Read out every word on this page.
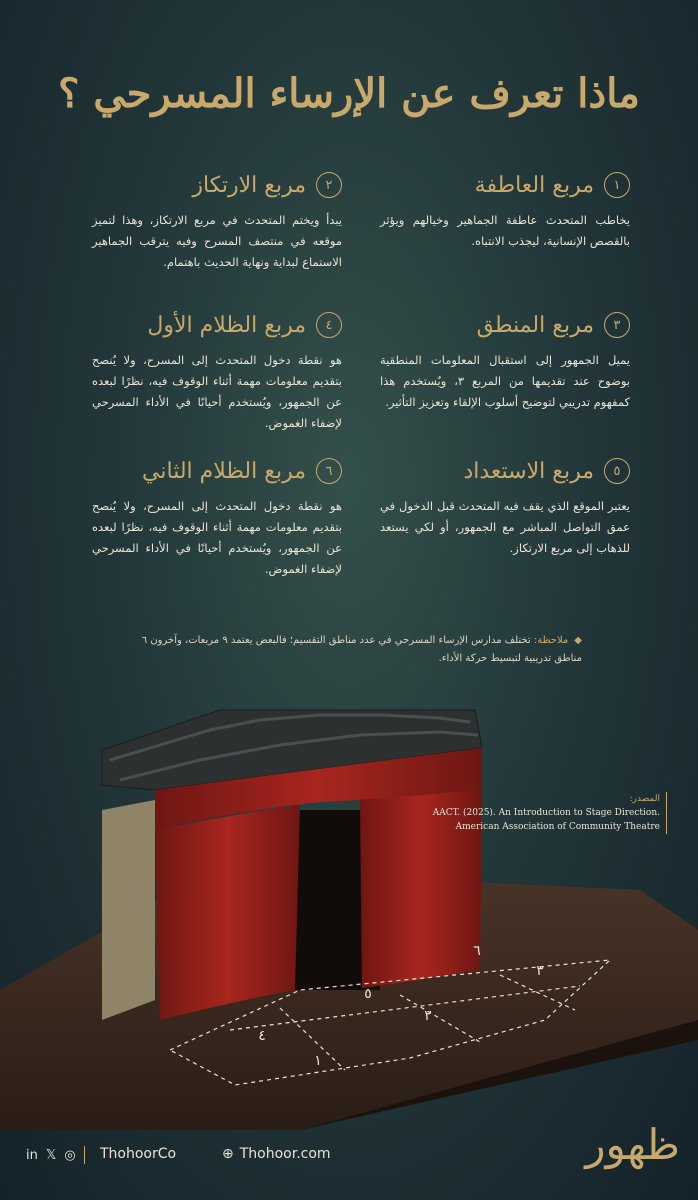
ماذا تعرف عن الإرساء المسرحي ؟
١
مربع العاطفة
يخاطب المتحدث عاطفة الجماهير وخيالهم ويؤثر بالقصص الإنسانية، ليجذب الانتباه.
٢
مربع الارتكاز
يبدأ ويختم المتحدث في مربع الارتكاز، وهذا لتميز موقعه في منتصف المسرح وفيه يترقب الجماهير الاستماع لبداية ونهاية الحديث باهتمام.
٣
مربع المنطق
يميل الجمهور إلى استقبال المعلومات المنطقية بوضوح عند تقديمها من المربع ٣، ويُستخدم هذا كمفهوم تدريبي لتوضيح أسلوب الإلقاء وتعزيز التأثير.
٤
مربع الظلام الأول
هو نقطة دخول المتحدث إلى المسرح، ولا يُنصح بتقديم معلومات مهمة أثناء الوقوف فيه، نظرًا لبعده عن الجمهور، ويُستخدم أحيانًا في الأداء المسرحي لإضفاء الغموض.
٥
مربع الاستعداد
يعتبر الموقع الذي يقف فيه المتحدث قبل الدخول في عمق التواصل المباشر مع الجمهور، أو لكي يستعد للذهاب إلى مربع الارتكاز.
٦
مربع الظلام الثاني
هو نقطة دخول المتحدث إلى المسرح، ولا يُنصح بتقديم معلومات مهمة أثناء الوقوف فيه، نظرًا لبعده عن الجمهور، ويُستخدم أحيانًا في الأداء المسرحي لإضفاء الغموض.
◆ملاحظة: تختلف مدارس الإرساء المسرحي في عدد مناطق التقسيم؛ فالبعض يعتمد ٩ مربعات، وآخرون ٦ مناطق تدريبية لتبسيط حركة الأداء.
١
٢
٣
٤
٥
٦
المصدر:
AACT. (2025). An Introduction to Stage Direction.
American Association of Community Theatre
in 𝕏 ◎ ThohoorCo	⊕ Thohoor.com	ظهور
